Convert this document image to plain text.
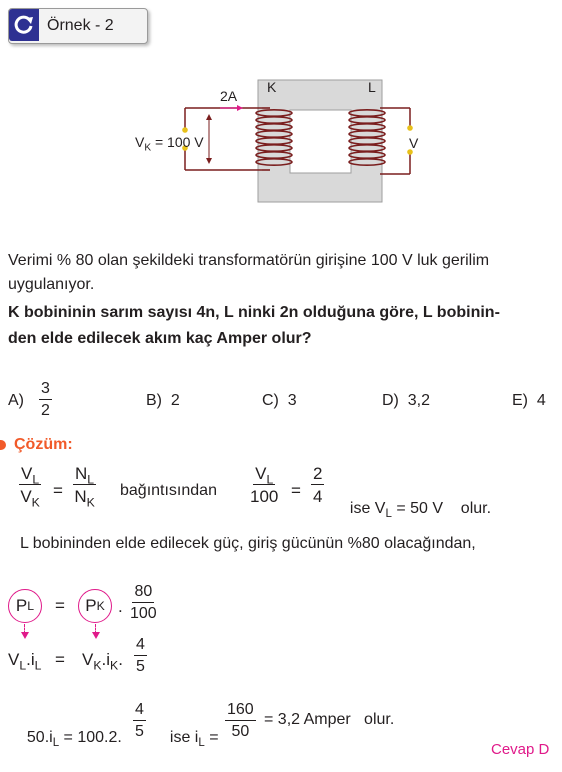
Örnek - 2
K	L
2A
$V_K = 100$ V	V
Verimi % 80 olan şekildeki transformatörün girişine 100 V luk gerilim
uygulanıyor.
K bobininin sarım sayısı 4n, L ninki 2n olduğuna göre, L bobinin-
den elde edilecek akım kaç Amper olur?
$A) \frac{3}{2}$	B)  2	C)  3	D)  3,2	E)  4
Çözüm:
$\frac{V_L}{V_K} = \frac{N_L}{N_K}$ bağıntısından $\frac{V_L}{100} = \frac{2}{4}$

ise $V_L = 50$ V    olur.

L bobininden elde edilecek güç, giriş gücünün %80 olacağından,
P L = P K . $\frac{80}{100}$
$V_L.i_L = V_K.i_K$. $\frac{4}{5}$

$50.i_L = 100.2$. $\frac{4}{5}$	ise $i_L = \frac{160}{50} = 3,2$ Amper   olur.
Cevap D
